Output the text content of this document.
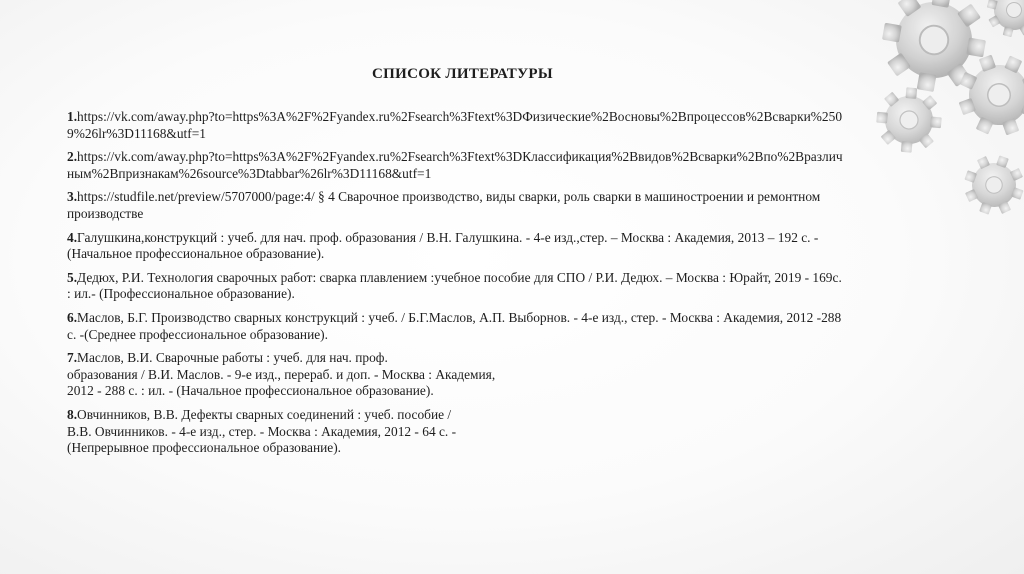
СПИСОК ЛИТЕРАТУРЫ
1.https://vk.com/away.php?to=https%3A%2F%2Fyandex.ru%2Fsearch%3Ftext%3DФизические%2Восновы%2Впроцессов%2Всварки%250
9%26lr%3D11168&utf=1
2.https://vk.com/away.php?to=https%3A%2F%2Fyandex.ru%2Fsearch%3Ftext%3DКлассификация%2Ввидов%2Всварки%2Впо%2Вразлич
ным%2Впризнакам%26source%3Dtabbar%26lr%3D11168&utf=1
3.https://studfile.net/preview/5707000/page:4/ § 4 Сварочное производство, виды сварки, роль сварки в машиностроении и ремонтном
производстве
4.Галушкина,конструкций : учеб. для нач. проф. образования / В.Н. Галушкина. - 4-е изд.,стер. – Москва : Академия, 2013 – 192 с. -
(Начальное профессиональное образование).
5.Дедюх, Р.И. Технология сварочных работ: сварка плавлением :учебное пособие для СПО / Р.И. Дедюх. – Москва : Юрайт, 2019 - 169с.
: ил.- (Профессиональное образование).
6.Маслов, Б.Г. Производство сварных конструкций : учеб. / Б.Г.Маслов, А.П. Выборнов. - 4-е изд., стер. - Москва : Академия, 2012 -288
с. -(Среднее профессиональное образование).
7.Маслов, В.И. Сварочные работы : учеб. для нач. проф.
образования / В.И. Маслов. - 9-е изд., перераб. и доп. - Москва : Академия,
2012 - 288 с. : ил. - (Начальное профессиональное образование).
8.Овчинников, В.В. Дефекты сварных соединений : учеб. пособие /
В.В. Овчинников. - 4-е изд., стер. - Москва : Академия, 2012 - 64 с. -
(Непрерывное профессиональное образование).
